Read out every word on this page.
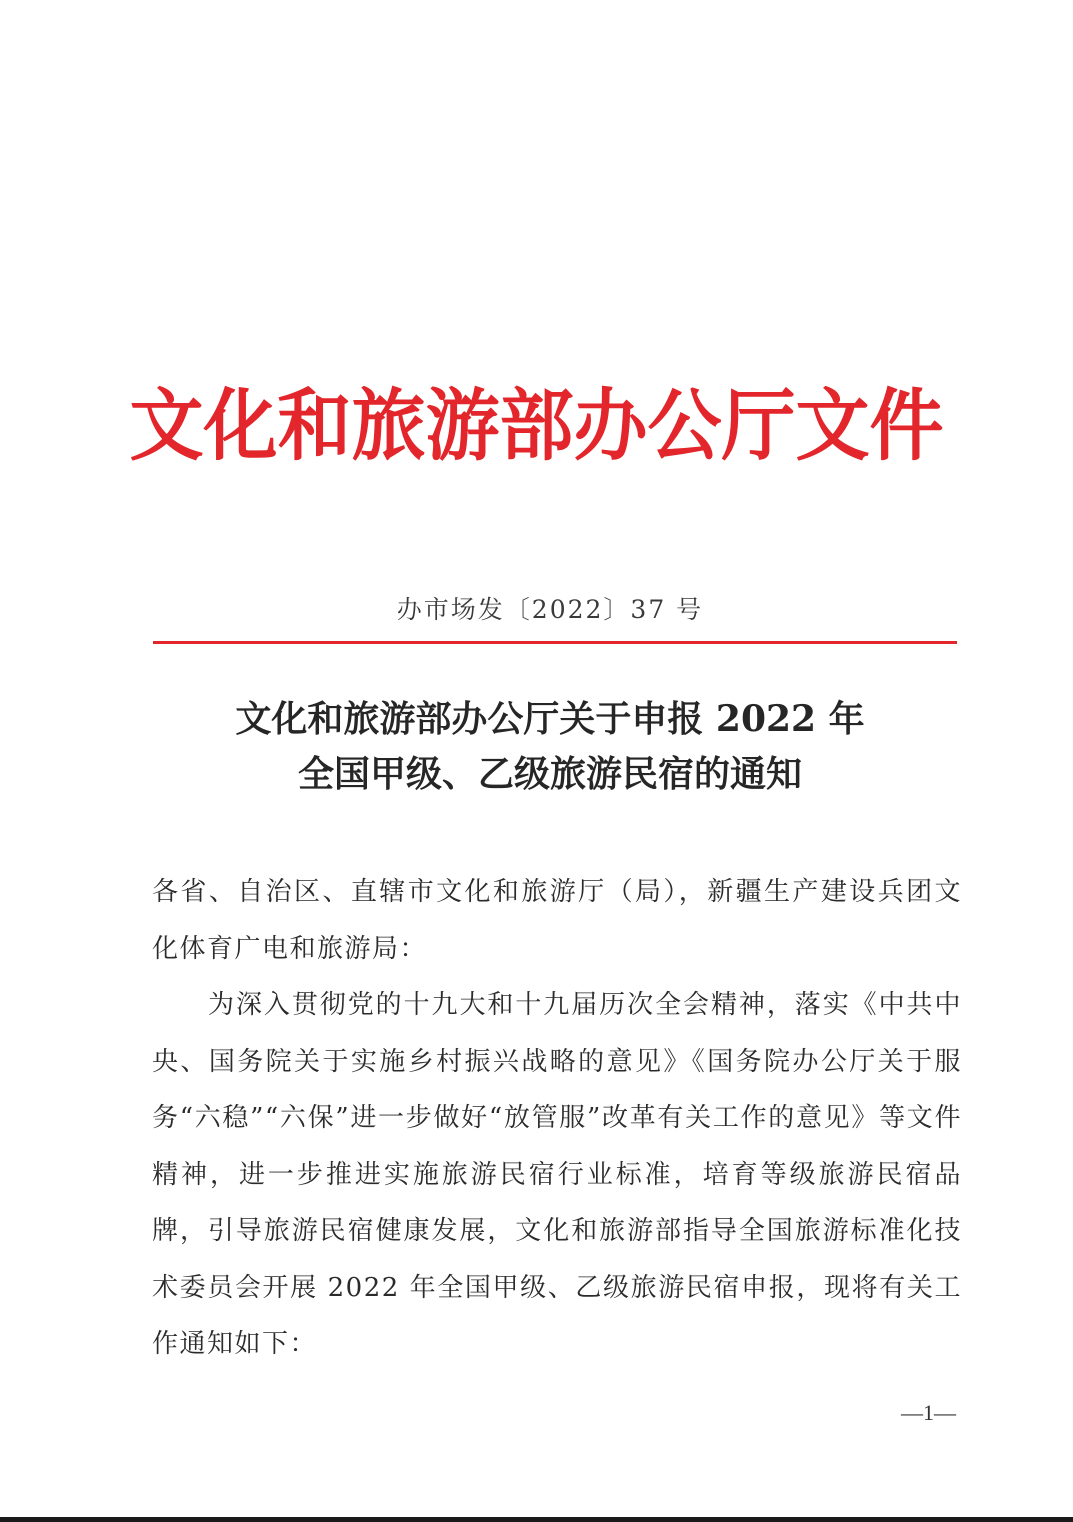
文化和旅游部办公厅文件
办市场发〔2022〕37 号
文化和旅游部办公厅关于申报 2022 年
全国甲级、乙级旅游民宿的通知

各省、自治区、直辖市文化和旅游厅（局），新疆生产建设兵团文化体育广电和旅游局：

为深入贯彻党的十九大和十九届历次全会精神，落实《中共中央、国务院关于实施乡村振兴战略的意见》《国务院办公厅关于服务“六稳”“六保”进一步做好“放管服”改革有关工作的意见》等文件精神，进一步推进实施旅游民宿行业标准，培育等级旅游民宿品牌，引导旅游民宿健康发展，文化和旅游部指导全国旅游标准化技术委员会开展 2022 年全国甲级、乙级旅游民宿申报，现将有关工作通知如下：

—1—
